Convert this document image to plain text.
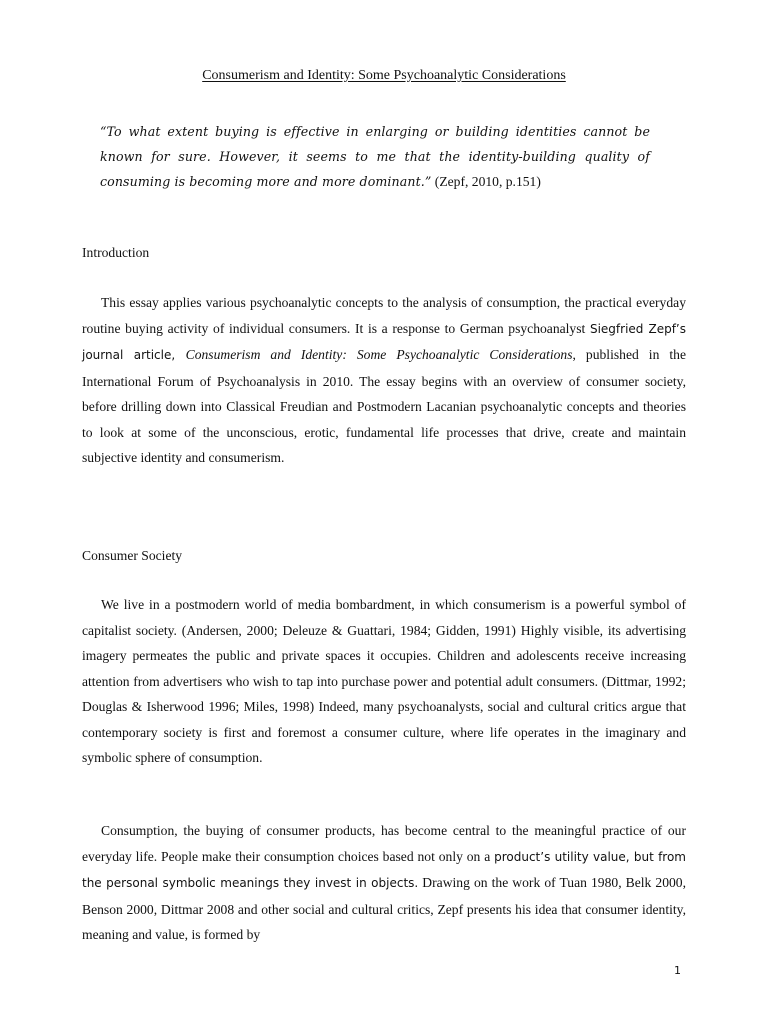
Consumerism and Identity: Some Psychoanalytic Considerations
“To what extent buying is effective in enlarging or building identities cannot be known for sure. However, it seems to me that the identity-building quality of consuming is becoming more and more dominant.” (Zepf, 2010, p.151)
Introduction
This essay applies various psychoanalytic concepts to the analysis of consumption, the practical everyday routine buying activity of individual consumers. It is a response to German psychoanalyst Siegfried Zepf’s journal article, Consumerism and Identity: Some Psychoanalytic Considerations, published in the International Forum of Psychoanalysis in 2010. The essay begins with an overview of consumer society, before drilling down into Classical Freudian and Postmodern Lacanian psychoanalytic concepts and theories to look at some of the unconscious, erotic, fundamental life processes that drive, create and maintain subjective identity and consumerism.
Consumer Society
We live in a postmodern world of media bombardment, in which consumerism is a powerful symbol of capitalist society. (Andersen, 2000; Deleuze & Guattari, 1984; Gidden, 1991) Highly visible, its advertising imagery permeates the public and private spaces it occupies. Children and adolescents receive increasing attention from advertisers who wish to tap into purchase power and potential adult consumers. (Dittmar, 1992; Douglas & Isherwood 1996; Miles, 1998) Indeed, many psychoanalysts, social and cultural critics argue that contemporary society is first and foremost a consumer culture, where life operates in the imaginary and symbolic sphere of consumption.
Consumption, the buying of consumer products, has become central to the meaningful practice of our everyday life. People make their consumption choices based not only on a product’s utility value, but from the personal symbolic meanings they invest in objects. Drawing on the work of Tuan 1980, Belk 2000, Benson 2000, Dittmar 2008 and other social and cultural critics, Zepf presents his idea that consumer identity, meaning and value, is formed by
1
